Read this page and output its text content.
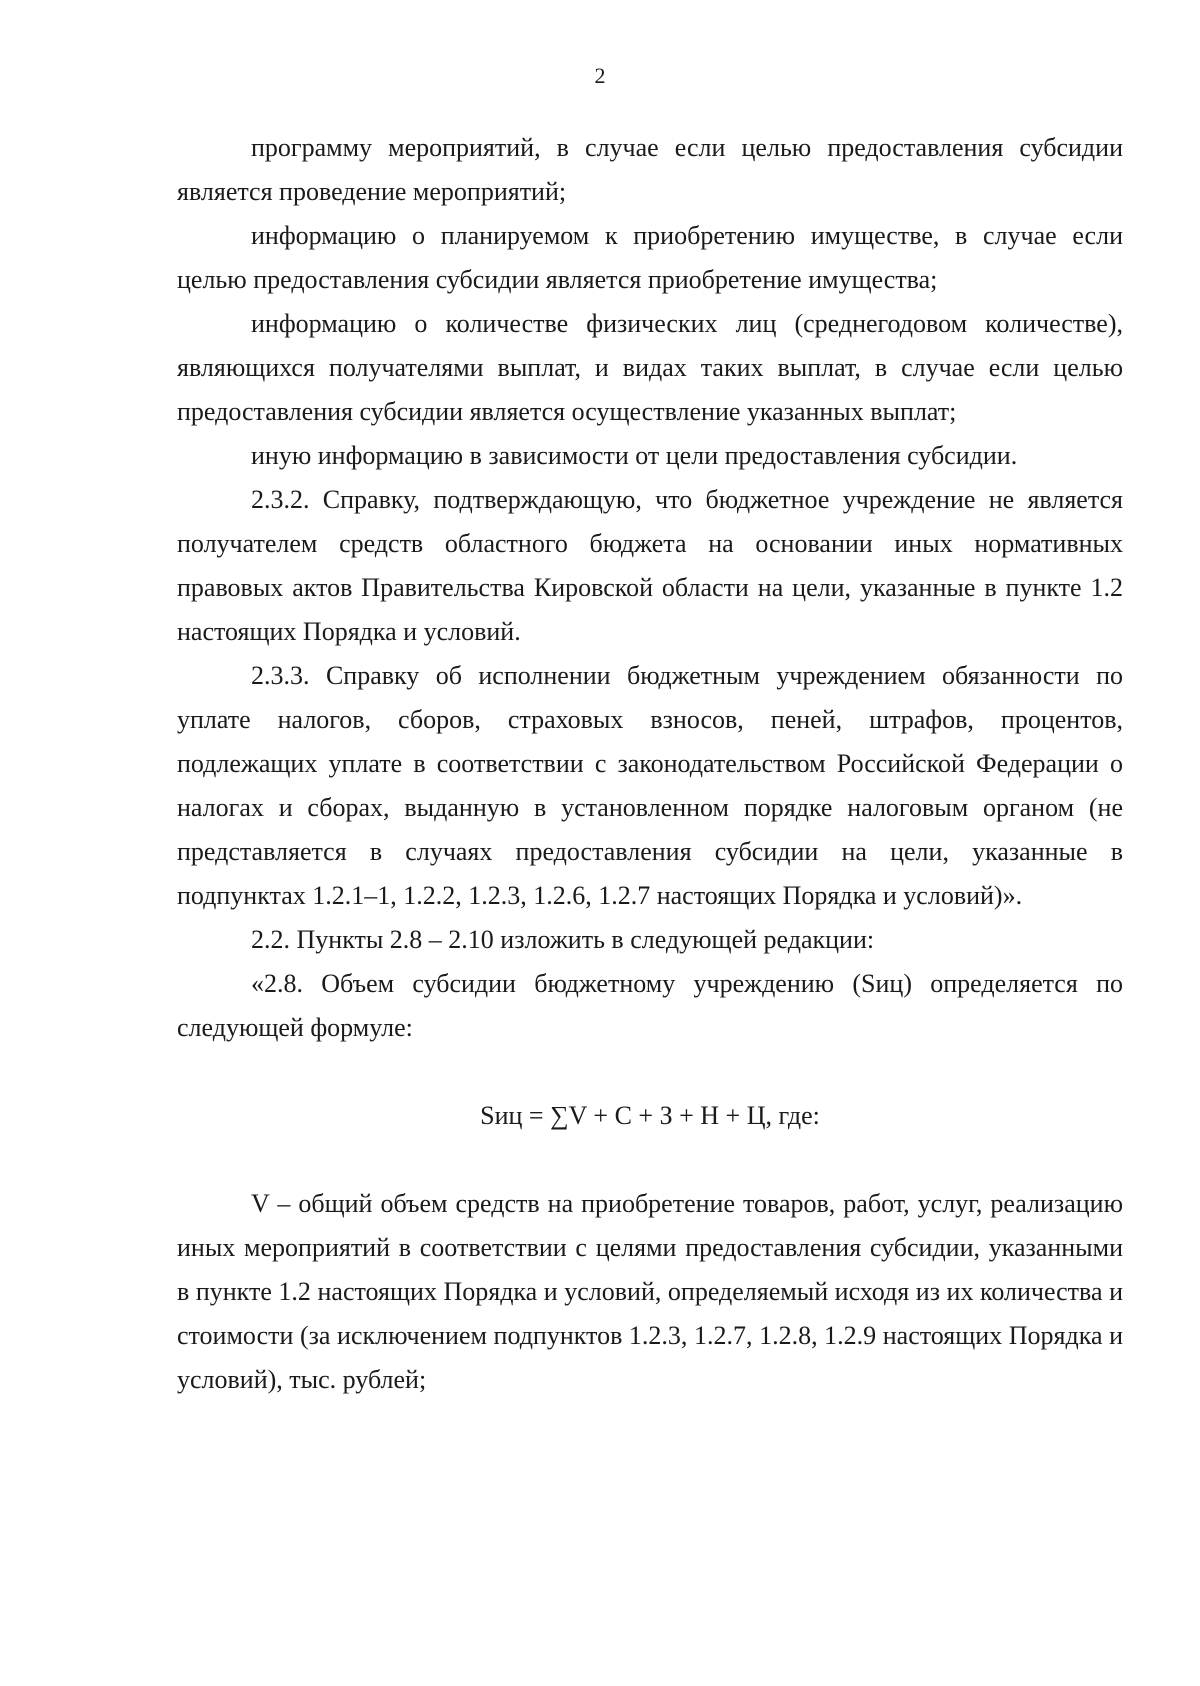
2

программу мероприятий, в случае если целью предоставления субсидии является проведение мероприятий;

информацию о планируемом к приобретению имуществе, в случае если целью предоставления субсидии является приобретение имущества;

информацию о количестве физических лиц (среднегодовом количестве), являющихся получателями выплат, и видах таких выплат, в случае если целью предоставления субсидии является осуществление указанных выплат;

иную информацию в зависимости от цели предоставления субсидии.

2.3.2. Справку, подтверждающую, что бюджетное учреждение не является получателем средств областного бюджета на основании иных нормативных правовых актов Правительства Кировской области на цели, указанные в пункте 1.2 настоящих Порядка и условий.

2.3.3. Справку об исполнении бюджетным учреждением обязанности по уплате налогов, сборов, страховых взносов, пеней, штрафов, процентов, подлежащих уплате в соответствии с законодательством Российской Федерации о налогах и сборах, выданную в установленном порядке налоговым органом (не представляется в случаях предоставления субсидии на цели, указанные в подпунктах 1.2.1–1, 1.2.2, 1.2.3, 1.2.6, 1.2.7 настоящих Порядка и условий)».

2.2. Пункты 2.8 – 2.10 изложить в следующей редакции:

«2.8. Объем субсидии бюджетному учреждению (Sиц) определяется по следующей формуле:

Sиц = ∑V + С + З + Н + Ц, где:

V – общий объем средств на приобретение товаров, работ, услуг, реализацию иных мероприятий в соответствии с целями предоставления субсидии, указанными в пункте 1.2 настоящих Порядка и условий, определяемый исходя из их количества и стоимости (за исключением подпунктов 1.2.3, 1.2.7, 1.2.8, 1.2.9 настоящих Порядка и условий), тыс. рублей;
